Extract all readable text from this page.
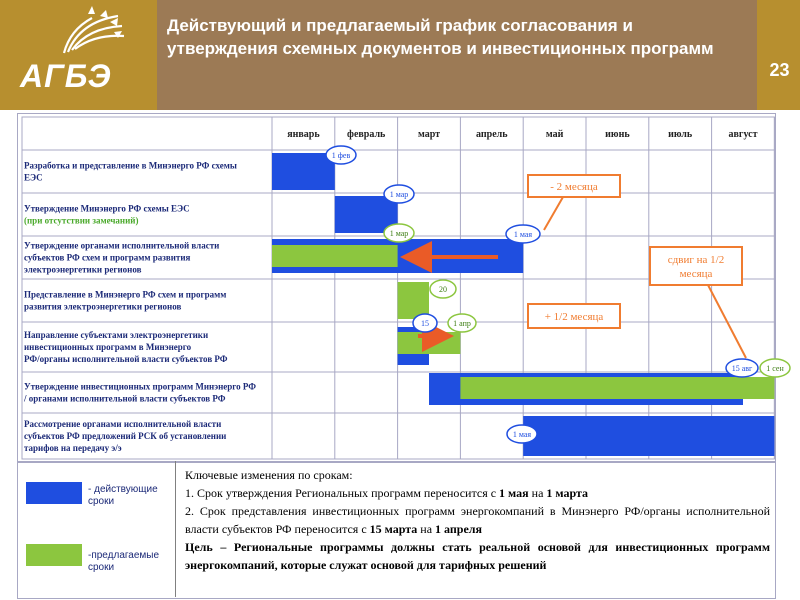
АГБЭ
Действующий и предлагаемый график согласования и утверждения схемных документов и инвестиционных программ
23
январь	февраль	март	апрель	май	июнь	июль	август
Разработка и представление в Минэнерго РФ схемы
ЕЭС
Утверждение Минэнерго РФ схемы ЕЭС
(при отсутствии замечаний)
Утверждение органами исполнительной власти
субъектов РФ схем и программ развития
электроэнергетики регионов
Представление в Минэнерго РФ схем и программ
развития электроэнергетики регионов
Направление субъектами электроэнергетики
инвестиционных программ в Минэнерго
РФ/органы исполнительной власти субъектов РФ
Утверждение инвестиционных программ Минэнерго РФ
/ органами исполнительной власти субъектов РФ
Рассмотрение органами исполнительной власти
субъектов РФ предложений РСК об установлении
тарифов на передачу э/э
1 фев
1 мар
1 мар	1 мая
20
15	1 апр
15 авг 1 сен
1 мая
- 2 месяца
+ 1/2 месяца
сдвиг на 1/2
месяца
- действующие сроки
-предлагаемые сроки
Ключевые изменения по срокам:
1. Срок утверждения Региональных программ переносится с 1 мая на 1 марта
2. Срок представления инвестиционных программ энергокомпаний в Минэнерго РФ/органы исполнительной власти субъектов РФ переносится с 15 марта на 1 апреля
Цель – Региональные программы должны стать реальной основой для инвестиционных программ энергокомпаний, которые служат основой для тарифных решений
